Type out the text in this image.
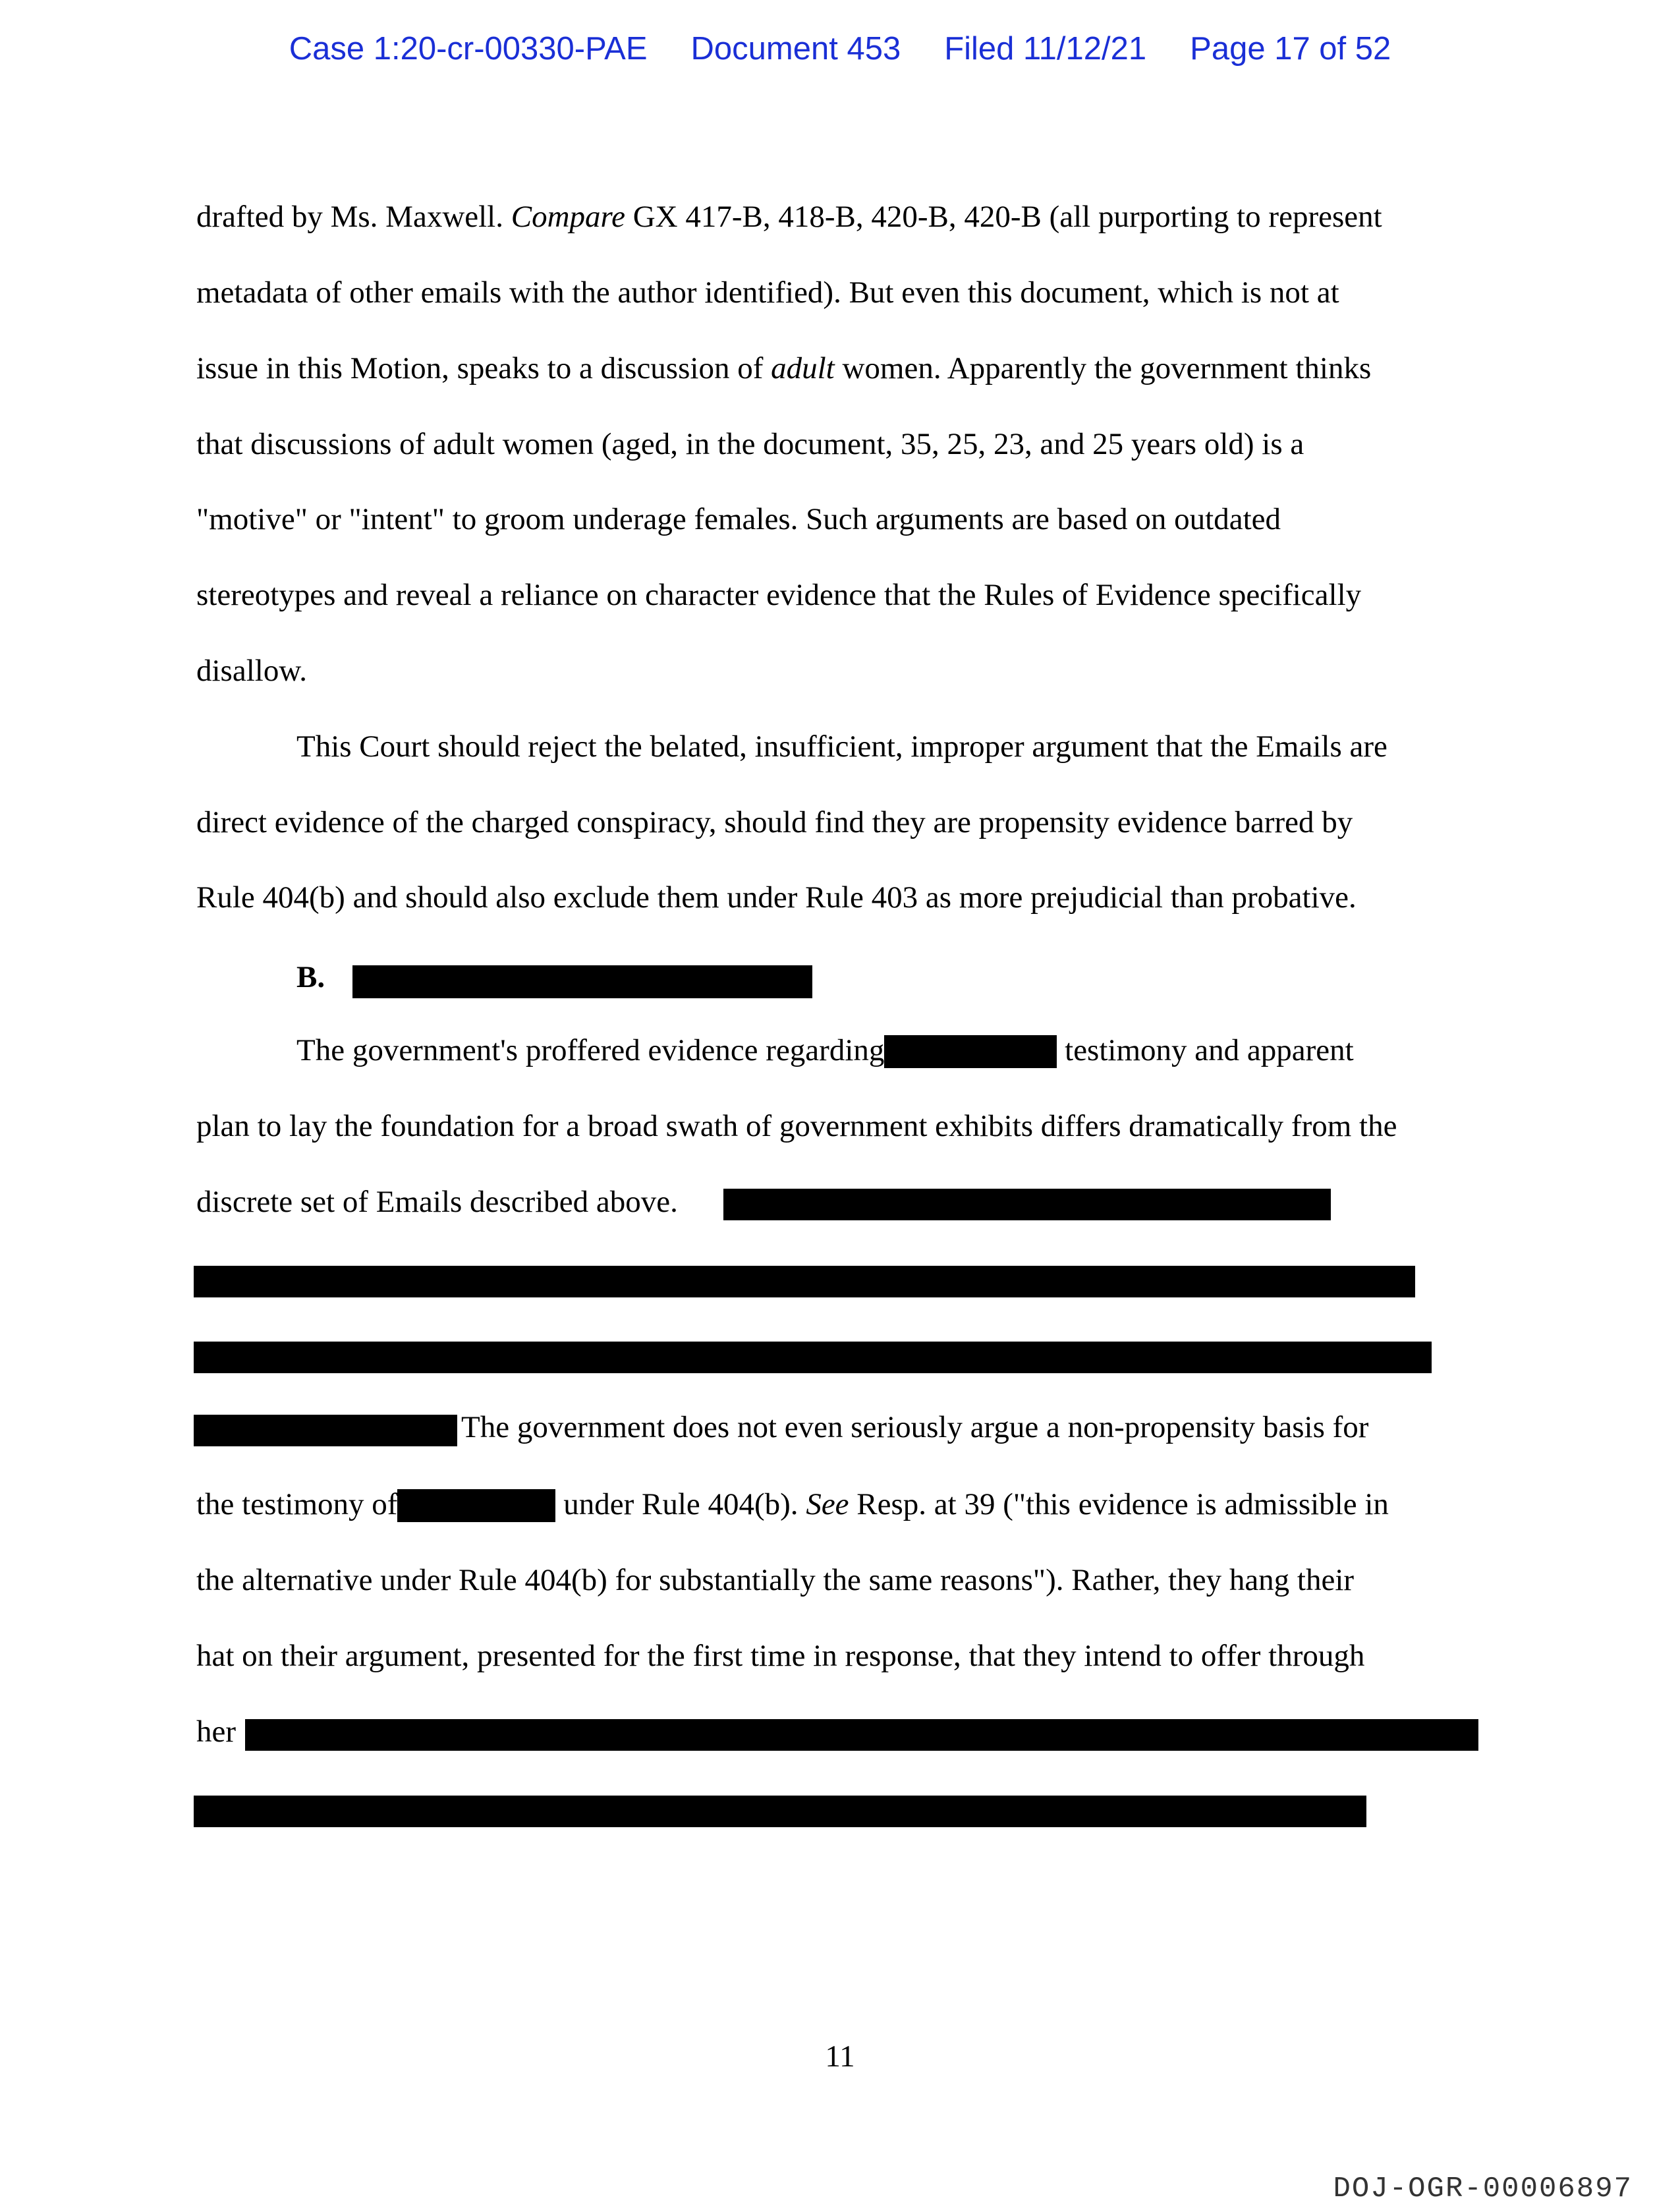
Case 1:20-cr-00330-PAE Document 453 Filed 11/12/21 Page 17 of 52
drafted by Ms. Maxwell. Compare GX 417-B, 418-B, 420-B, 420-B (all purporting to represent
metadata of other emails with the author identified). But even this document, which is not at
issue in this Motion, speaks to a discussion of adult women. Apparently the government thinks
that discussions of adult women (aged, in the document, 35, 25, 23, and 25 years old) is a
"motive" or "intent" to groom underage females. Such arguments are based on outdated
stereotypes and reveal a reliance on character evidence that the Rules of Evidence specifically
disallow.
This Court should reject the belated, insufficient, improper argument that the Emails are
direct evidence of the charged conspiracy, should find they are propensity evidence barred by
Rule 404(b) and should also exclude them under Rule 403 as more prejudicial than probative.
B.
The government's proffered evidence regarding	testimony and apparent
plan to lay the foundation for a broad swath of government exhibits differs dramatically from the
discrete set of Emails described above.
The government does not even seriously argue a non-propensity basis for
the testimony of	under Rule 404(b). See Resp. at 39 ("this evidence is admissible in
the alternative under Rule 404(b) for substantially the same reasons"). Rather, they hang their
hat on their argument, presented for the first time in response, that they intend to offer through
her
11
DOJ-OGR-00006897
